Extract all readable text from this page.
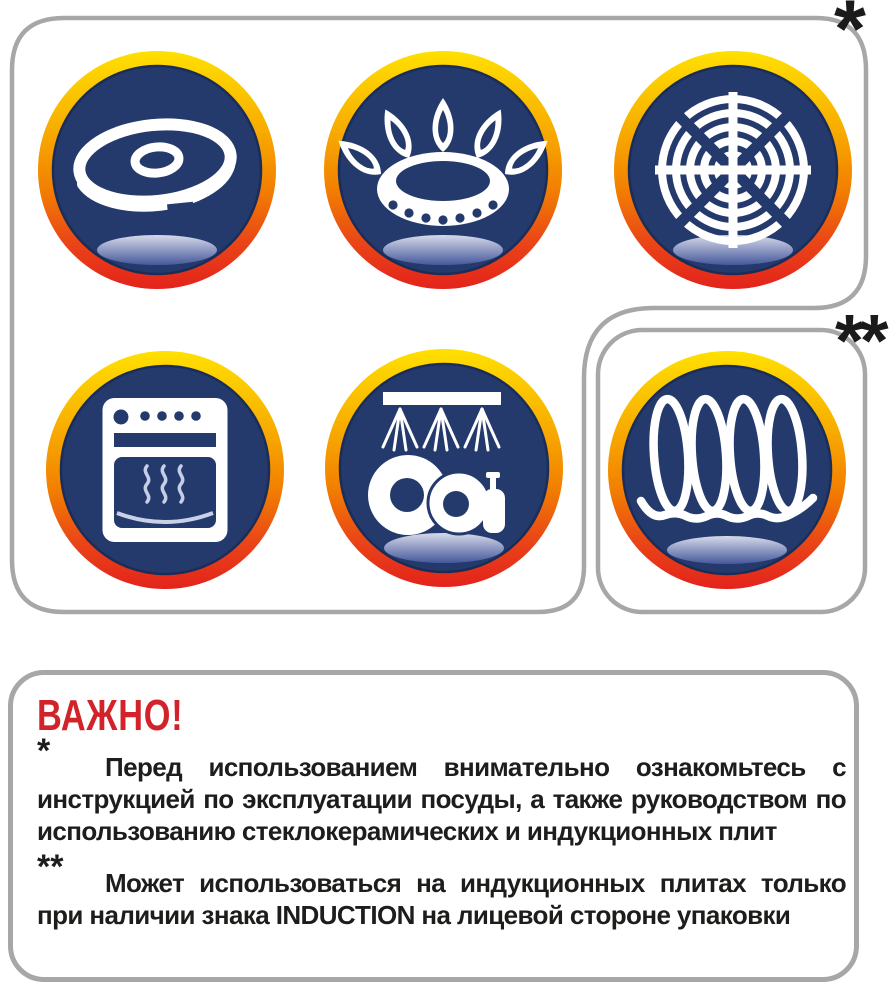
*
**
ВАЖНО!

* Перед использованием внимательно ознакомьтесь с инструкцией по эксплуатации посуды, а также руководством по использованию стеклокерамических и индукционных плит

** Может использоваться на индукционных плитах только при наличии знака INDUCTION на лицевой стороне упаковки
